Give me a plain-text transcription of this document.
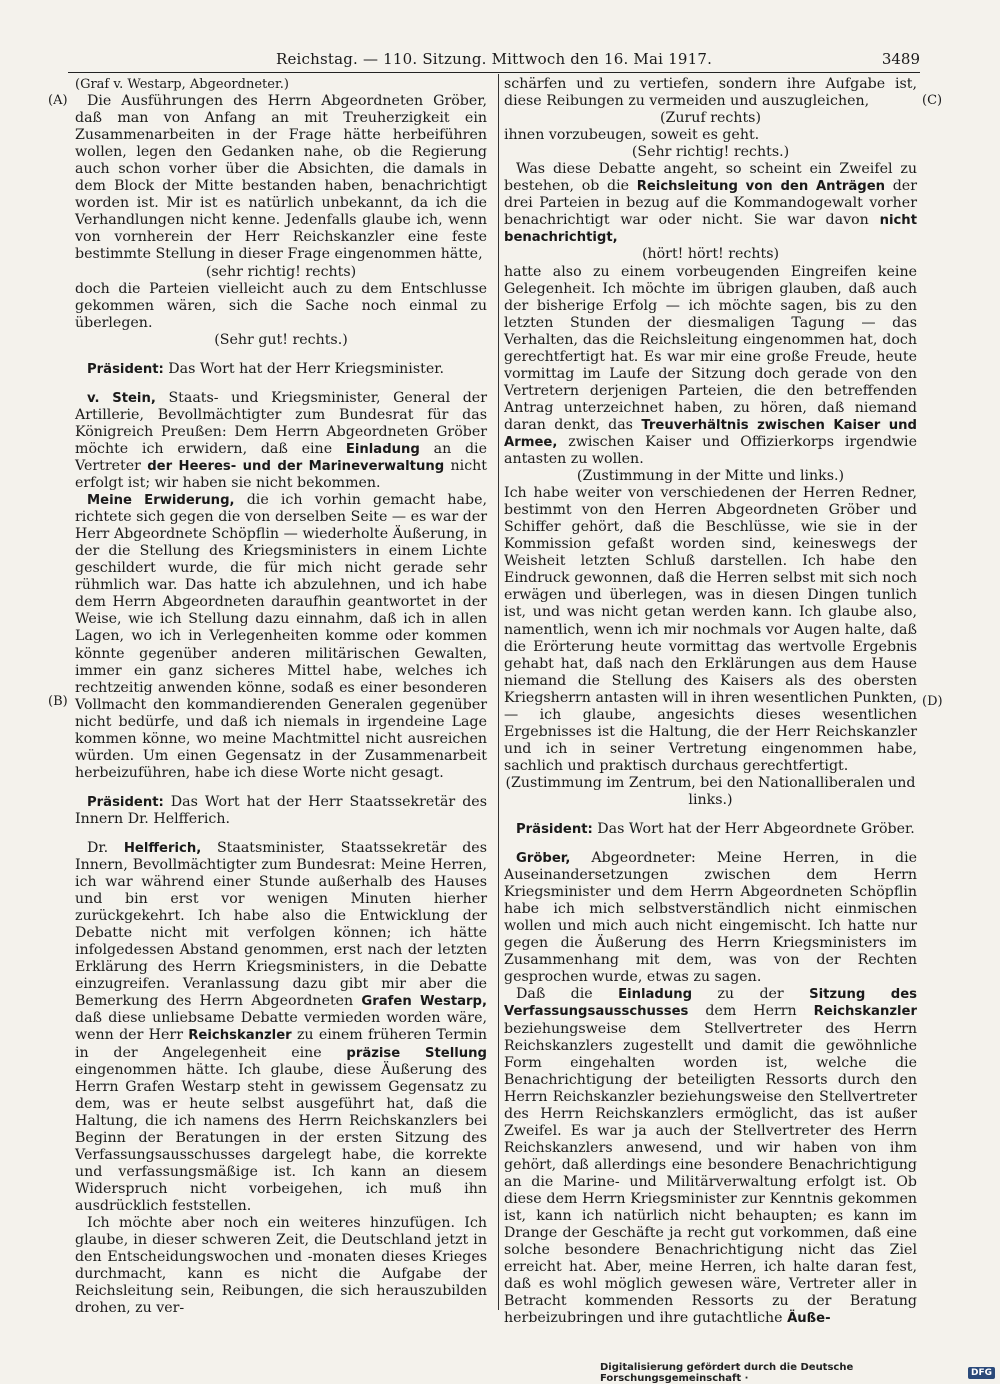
Reichstag. — 110. Sitzung. Mittwoch den 16. Mai 1917.	3489
(A)
(B)
(C)
(D)

(Graf v. Westarp, Abgeordneter.)

Die Ausführungen des Herrn Abgeordneten Gröber, daß man von Anfang an mit Treuherzigkeit ein Zusammenarbeiten in der Frage hätte herbeiführen wollen, legen den Gedanken nahe, ob die Regierung auch schon vorher über die Absichten, die damals in dem Block der Mitte bestanden haben, benachrichtigt worden ist. Mir ist es natürlich unbekannt, da ich die Verhandlungen nicht kenne. Jedenfalls glaube ich, wenn von vornherein der Herr Reichskanzler eine feste bestimmte Stellung in dieser Frage eingenommen hätte,

(sehr richtig! rechts)

doch die Parteien vielleicht auch zu dem Entschlusse gekommen wären, sich die Sache noch einmal zu überlegen.

(Sehr gut! rechts.)

Präsident: Das Wort hat der Herr Kriegsminister.

v. Stein, Staats- und Kriegsminister, General der Artillerie, Bevollmächtigter zum Bundesrat für das Königreich Preußen: Dem Herrn Abgeordneten Gröber möchte ich erwidern, daß eine Einladung an die Vertreter der Heeres- und der Marineverwaltung nicht erfolgt ist; wir haben sie nicht bekommen.

Meine Erwiderung, die ich vorhin gemacht habe, richtete sich gegen die von derselben Seite — es war der Herr Abgeordnete Schöpflin — wiederholte Äußerung, in der die Stellung des Kriegsministers in einem Lichte geschildert wurde, die für mich nicht gerade sehr rühmlich war. Das hatte ich abzulehnen, und ich habe dem Herrn Abgeordneten daraufhin geantwortet in der Weise, wie ich Stellung dazu einnahm, daß ich in allen Lagen, wo ich in Verlegenheiten komme oder kommen könnte gegenüber anderen militärischen Gewalten, immer ein ganz sicheres Mittel habe, welches ich rechtzeitig anwenden könne, sodaß es einer besonderen Vollmacht den kommandierenden Generalen gegenüber nicht bedürfe, und daß ich niemals in irgendeine Lage kommen könne, wo meine Machtmittel nicht ausreichen würden. Um einen Gegensatz in der Zusammenarbeit herbeizuführen, habe ich diese Worte nicht gesagt.

Präsident: Das Wort hat der Herr Staatssekretär des Innern Dr. Helfferich.

Dr. Helfferich, Staatsminister, Staatssekretär des Innern, Bevollmächtigter zum Bundesrat: Meine Herren, ich war während einer Stunde außerhalb des Hauses und bin erst vor wenigen Minuten hierher zurückgekehrt. Ich habe also die Entwicklung der Debatte nicht mit verfolgen können; ich hätte infolgedessen Abstand genommen, erst nach der letzten Erklärung des Herrn Kriegsministers, in die Debatte einzugreifen. Veranlassung dazu gibt mir aber die Bemerkung des Herrn Abgeordneten Grafen Westarp, daß diese unliebsame Debatte vermieden worden wäre, wenn der Herr Reichskanzler zu einem früheren Termin in der Angelegenheit eine präzise Stellung eingenommen hätte. Ich glaube, diese Äußerung des Herrn Grafen Westarp steht in gewissem Gegensatz zu dem, was er heute selbst ausgeführt hat, daß die Haltung, die ich namens des Herrn Reichskanzlers bei Beginn der Beratungen in der ersten Sitzung des Verfassungsausschusses dargelegt habe, die korrekte und verfassungsmäßige ist. Ich kann an diesem Widerspruch nicht vorbeigehen, ich muß ihn ausdrücklich feststellen.

Ich möchte aber noch ein weiteres hinzufügen. Ich glaube, in dieser schweren Zeit, die Deutschland jetzt in den Entscheidungswochen und -monaten dieses Krieges durchmacht, kann es nicht die Aufgabe der Reichsleitung sein, Reibungen, die sich herauszubilden drohen, zu ver-

schärfen und zu vertiefen, sondern ihre Aufgabe ist, diese Reibungen zu vermeiden und auszugleichen,

(Zuruf rechts)

ihnen vorzubeugen, soweit es geht.

(Sehr richtig! rechts.)

Was diese Debatte angeht, so scheint ein Zweifel zu bestehen, ob die Reichsleitung von den Anträgen der drei Parteien in bezug auf die Kommandogewalt vorher benachrichtigt war oder nicht. Sie war davon nicht benachrichtigt,

(hört! hört! rechts)

hatte also zu einem vorbeugenden Eingreifen keine Gelegenheit. Ich möchte im übrigen glauben, daß auch der bisherige Erfolg — ich möchte sagen, bis zu den letzten Stunden der diesmaligen Tagung — das Verhalten, das die Reichsleitung eingenommen hat, doch gerechtfertigt hat. Es war mir eine große Freude, heute vormittag im Laufe der Sitzung doch gerade von den Vertretern derjenigen Parteien, die den betreffenden Antrag unterzeichnet haben, zu hören, daß niemand daran denkt, das Treuverhältnis zwischen Kaiser und Armee, zwischen Kaiser und Offizierkorps irgendwie antasten zu wollen.

(Zustimmung in der Mitte und links.)

Ich habe weiter von verschiedenen der Herren Redner, bestimmt von den Herren Abgeordneten Gröber und Schiffer gehört, daß die Beschlüsse, wie sie in der Kommission gefaßt worden sind, keineswegs der Weisheit letzten Schluß darstellen. Ich habe den Eindruck gewonnen, daß die Herren selbst mit sich noch erwägen und überlegen, was in diesen Dingen tunlich ist, und was nicht getan werden kann. Ich glaube also, namentlich, wenn ich mir nochmals vor Augen halte, daß die Erörterung heute vormittag das wertvolle Ergebnis gehabt hat, daß nach den Erklärungen aus dem Hause niemand die Stellung des Kaisers als des obersten Kriegsherrn antasten will in ihren wesentlichen Punkten, — ich glaube, angesichts dieses wesentlichen Ergebnisses ist die Haltung, die der Herr Reichskanzler und ich in seiner Vertretung eingenommen habe, sachlich und praktisch durchaus gerechtfertigt.

(Zustimmung im Zentrum, bei den Nationalliberalen und links.)

Präsident: Das Wort hat der Herr Abgeordnete Gröber.

Gröber, Abgeordneter: Meine Herren, in die Auseinandersetzungen zwischen dem Herrn Kriegsminister und dem Herrn Abgeordneten Schöpflin habe ich mich selbstverständlich nicht einmischen wollen und mich auch nicht eingemischt. Ich hatte nur gegen die Äußerung des Herrn Kriegsministers im Zusammenhang mit dem, was von der Rechten gesprochen wurde, etwas zu sagen.

Daß die Einladung zu der Sitzung des Verfassungsausschusses dem Herrn Reichskanzler beziehungsweise dem Stellvertreter des Herrn Reichskanzlers zugestellt und damit die gewöhnliche Form eingehalten worden ist, welche die Benachrichtigung der beteiligten Ressorts durch den Herrn Reichskanzler beziehungsweise den Stellvertreter des Herrn Reichskanzlers ermöglicht, das ist außer Zweifel. Es war ja auch der Stellvertreter des Herrn Reichskanzlers anwesend, und wir haben von ihm gehört, daß allerdings eine besondere Benachrichtigung an die Marine- und Militärverwaltung erfolgt ist. Ob diese dem Herrn Kriegsminister zur Kenntnis gekommen ist, kann ich natürlich nicht behaupten; es kann im Drange der Geschäfte ja recht gut vorkommen, daß eine solche besondere Benachrichtigung nicht das Ziel erreicht hat. Aber, meine Herren, ich halte daran fest, daß es wohl möglich gewesen wäre, Vertreter aller in Betracht kommenden Ressorts zu der Beratung herbeizubringen und ihre gutachtliche Äuße-

Digitalisierung gefördert durch die Deutsche Forschungsgemeinschaft ·	DFG
